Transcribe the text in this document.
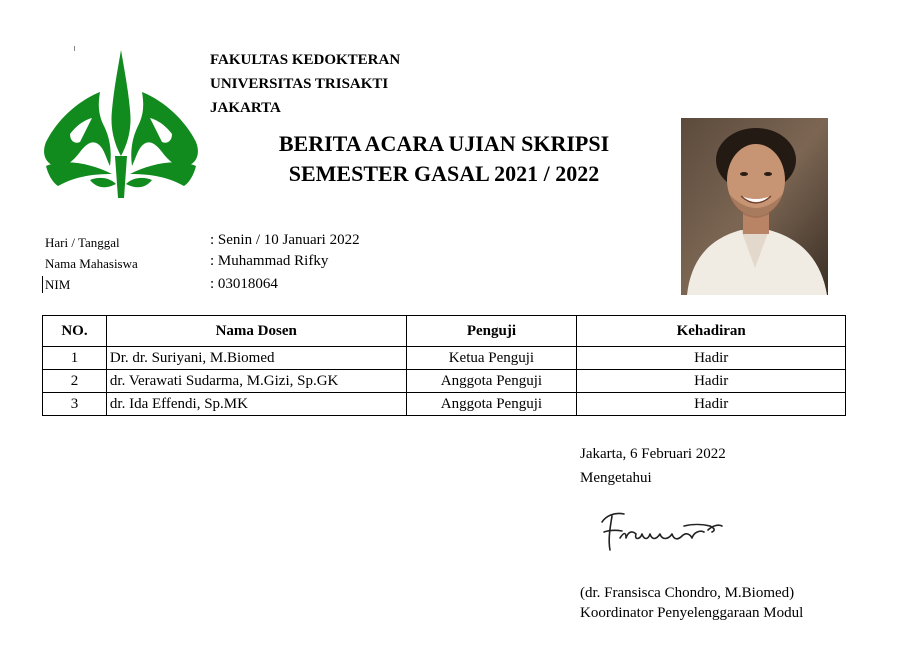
FAKULTAS KEDOKTERAN
UNIVERSITAS TRISAKTI
JAKARTA
BERITA ACARA UJIAN SKRIPSI
SEMESTER GASAL 2021 / 2022
Hari / Tanggal	: Senin / 10 Januari 2022
Nama Mahasiswa	: Muhammad Rifky
NIM	: 03018064
NO.	Nama Dosen	Penguji	Kehadiran
1	Dr. dr. Suriyani, M.Biomed	Ketua Penguji	Hadir
2	dr. Verawati Sudarma, M.Gizi, Sp.GK	Anggota Penguji	Hadir
3	dr. Ida Effendi, Sp.MK	Anggota Penguji	Hadir
Jakarta, 6 Februari 2022
Mengetahui
(dr. Fransisca Chondro, M.Biomed)
Koordinator Penyelenggaraan Modul
